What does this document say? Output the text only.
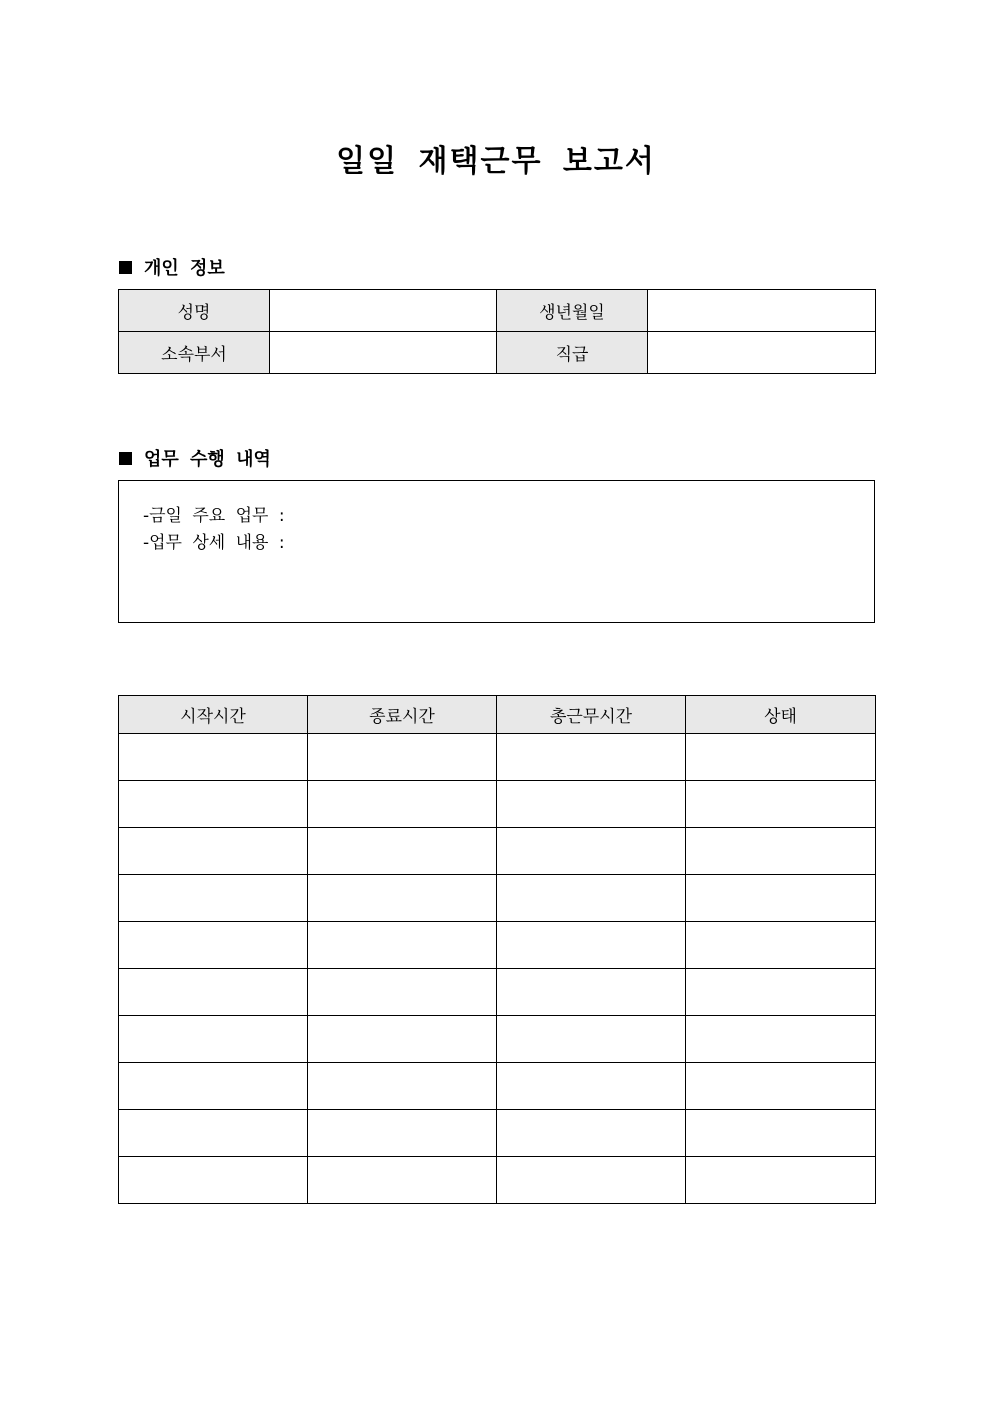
일일 재택근무 보고서
개인 정보
성명		생년월일	
소속부서		직급	
업무 수행 내역
-금일 주요 업무 :
-업무 상세 내용 :
시작시간	종료시간	총근무시간	상태
